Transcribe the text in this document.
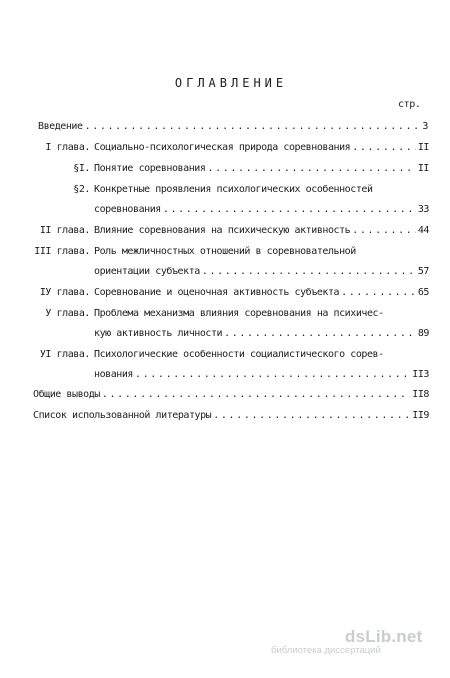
ОГЛАВЛЕНИЕ
стр.
Введение . . .	3
I глава. Социально-психологическая природа соревнования . . .	II
§I. Понятие соревнования . . .	II
§2. Конкретные проявления психологических особенностей
соревнования . . .	33
II глава. Влияние соревнования на психическую активность . . .	44
III глава. Роль межличностных отношений в соревновательной
ориентации субъекта . . .	57
IУ глава. Соревнование и оценочная активность субъекта . . .	65
У глава. Проблема механизма влияния соревнования на психичес-
кую активность личности . . .	89
УI глава. Психологические особенности социалистического сорев-
нования . . .	II3
Общие выводы . . .	II8
Список использованной литературы . . .	II9
dsLib.net
библиотека диссертаций
